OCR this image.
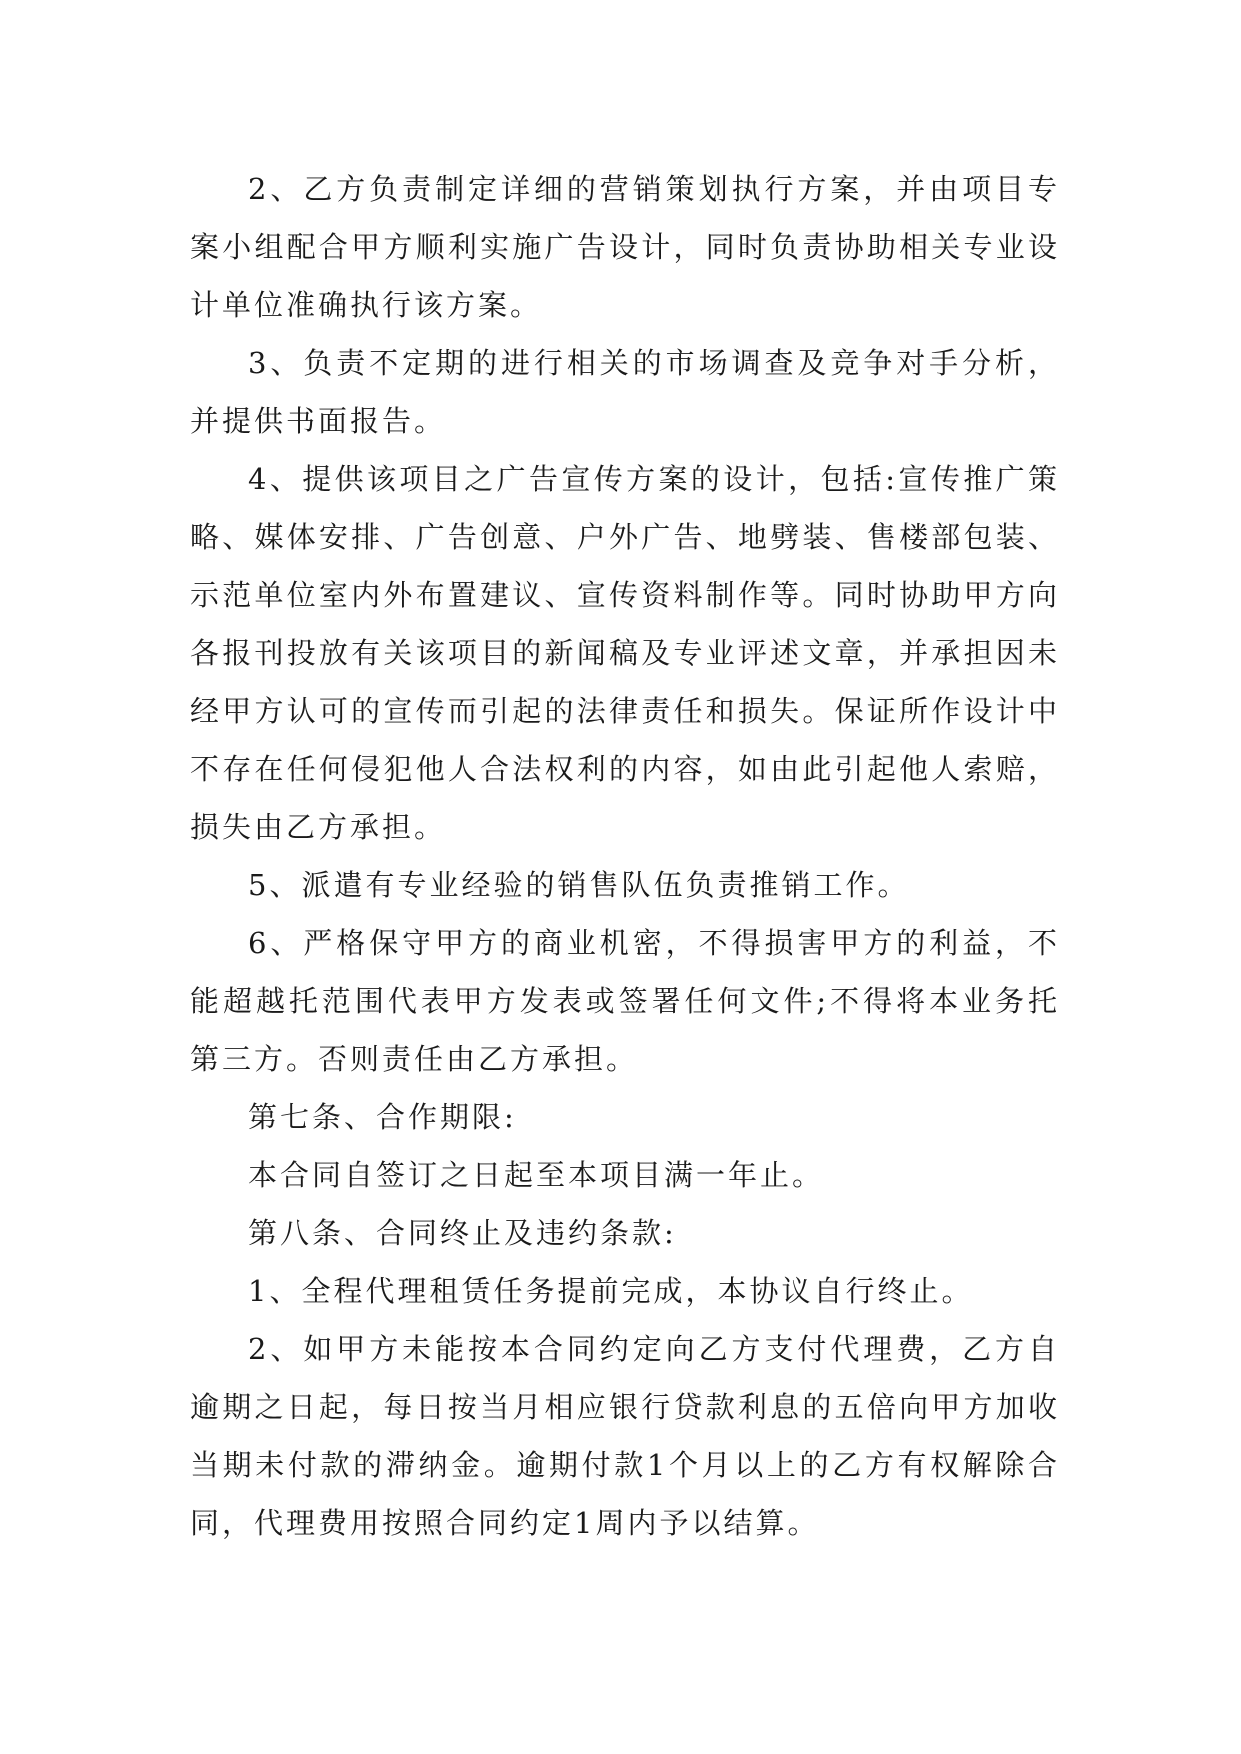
2、乙方负责制定详细的营销策划执行方案，并由项目专案小组配合甲方顺利实施广告设计，同时负责协助相关专业设计单位准确执行该方案。

3、负责不定期的进行相关的市场调查及竞争对手分析，并提供书面报告。

4、提供该项目之广告宣传方案的设计，包括:宣传推广策略、媒体安排、广告创意、户外广告、地劈装、售楼部包装、示范单位室内外布置建议、宣传资料制作等。同时协助甲方向各报刊投放有关该项目的新闻稿及专业评述文章，并承担因未经甲方认可的宣传而引起的法律责任和损失。保证所作设计中不存在任何侵犯他人合法权利的内容，如由此引起他人索赔，损失由乙方承担。

5、派遣有专业经验的销售队伍负责推销工作。

6、严格保守甲方的商业机密，不得损害甲方的利益，不能超越托范围代表甲方发表或签署任何文件;不得将本业务托第三方。否则责任由乙方承担。

第七条、合作期限:

本合同自签订之日起至本项目满一年止。

第八条、合同终止及违约条款:

1、全程代理租赁任务提前完成，本协议自行终止。

2、如甲方未能按本合同约定向乙方支付代理费，乙方自逾期之日起，每日按当月相应银行贷款利息的五倍向甲方加收当期未付款的滞纳金。逾期付款1个月以上的乙方有权解除合同，代理费用按照合同约定1周内予以结算。
